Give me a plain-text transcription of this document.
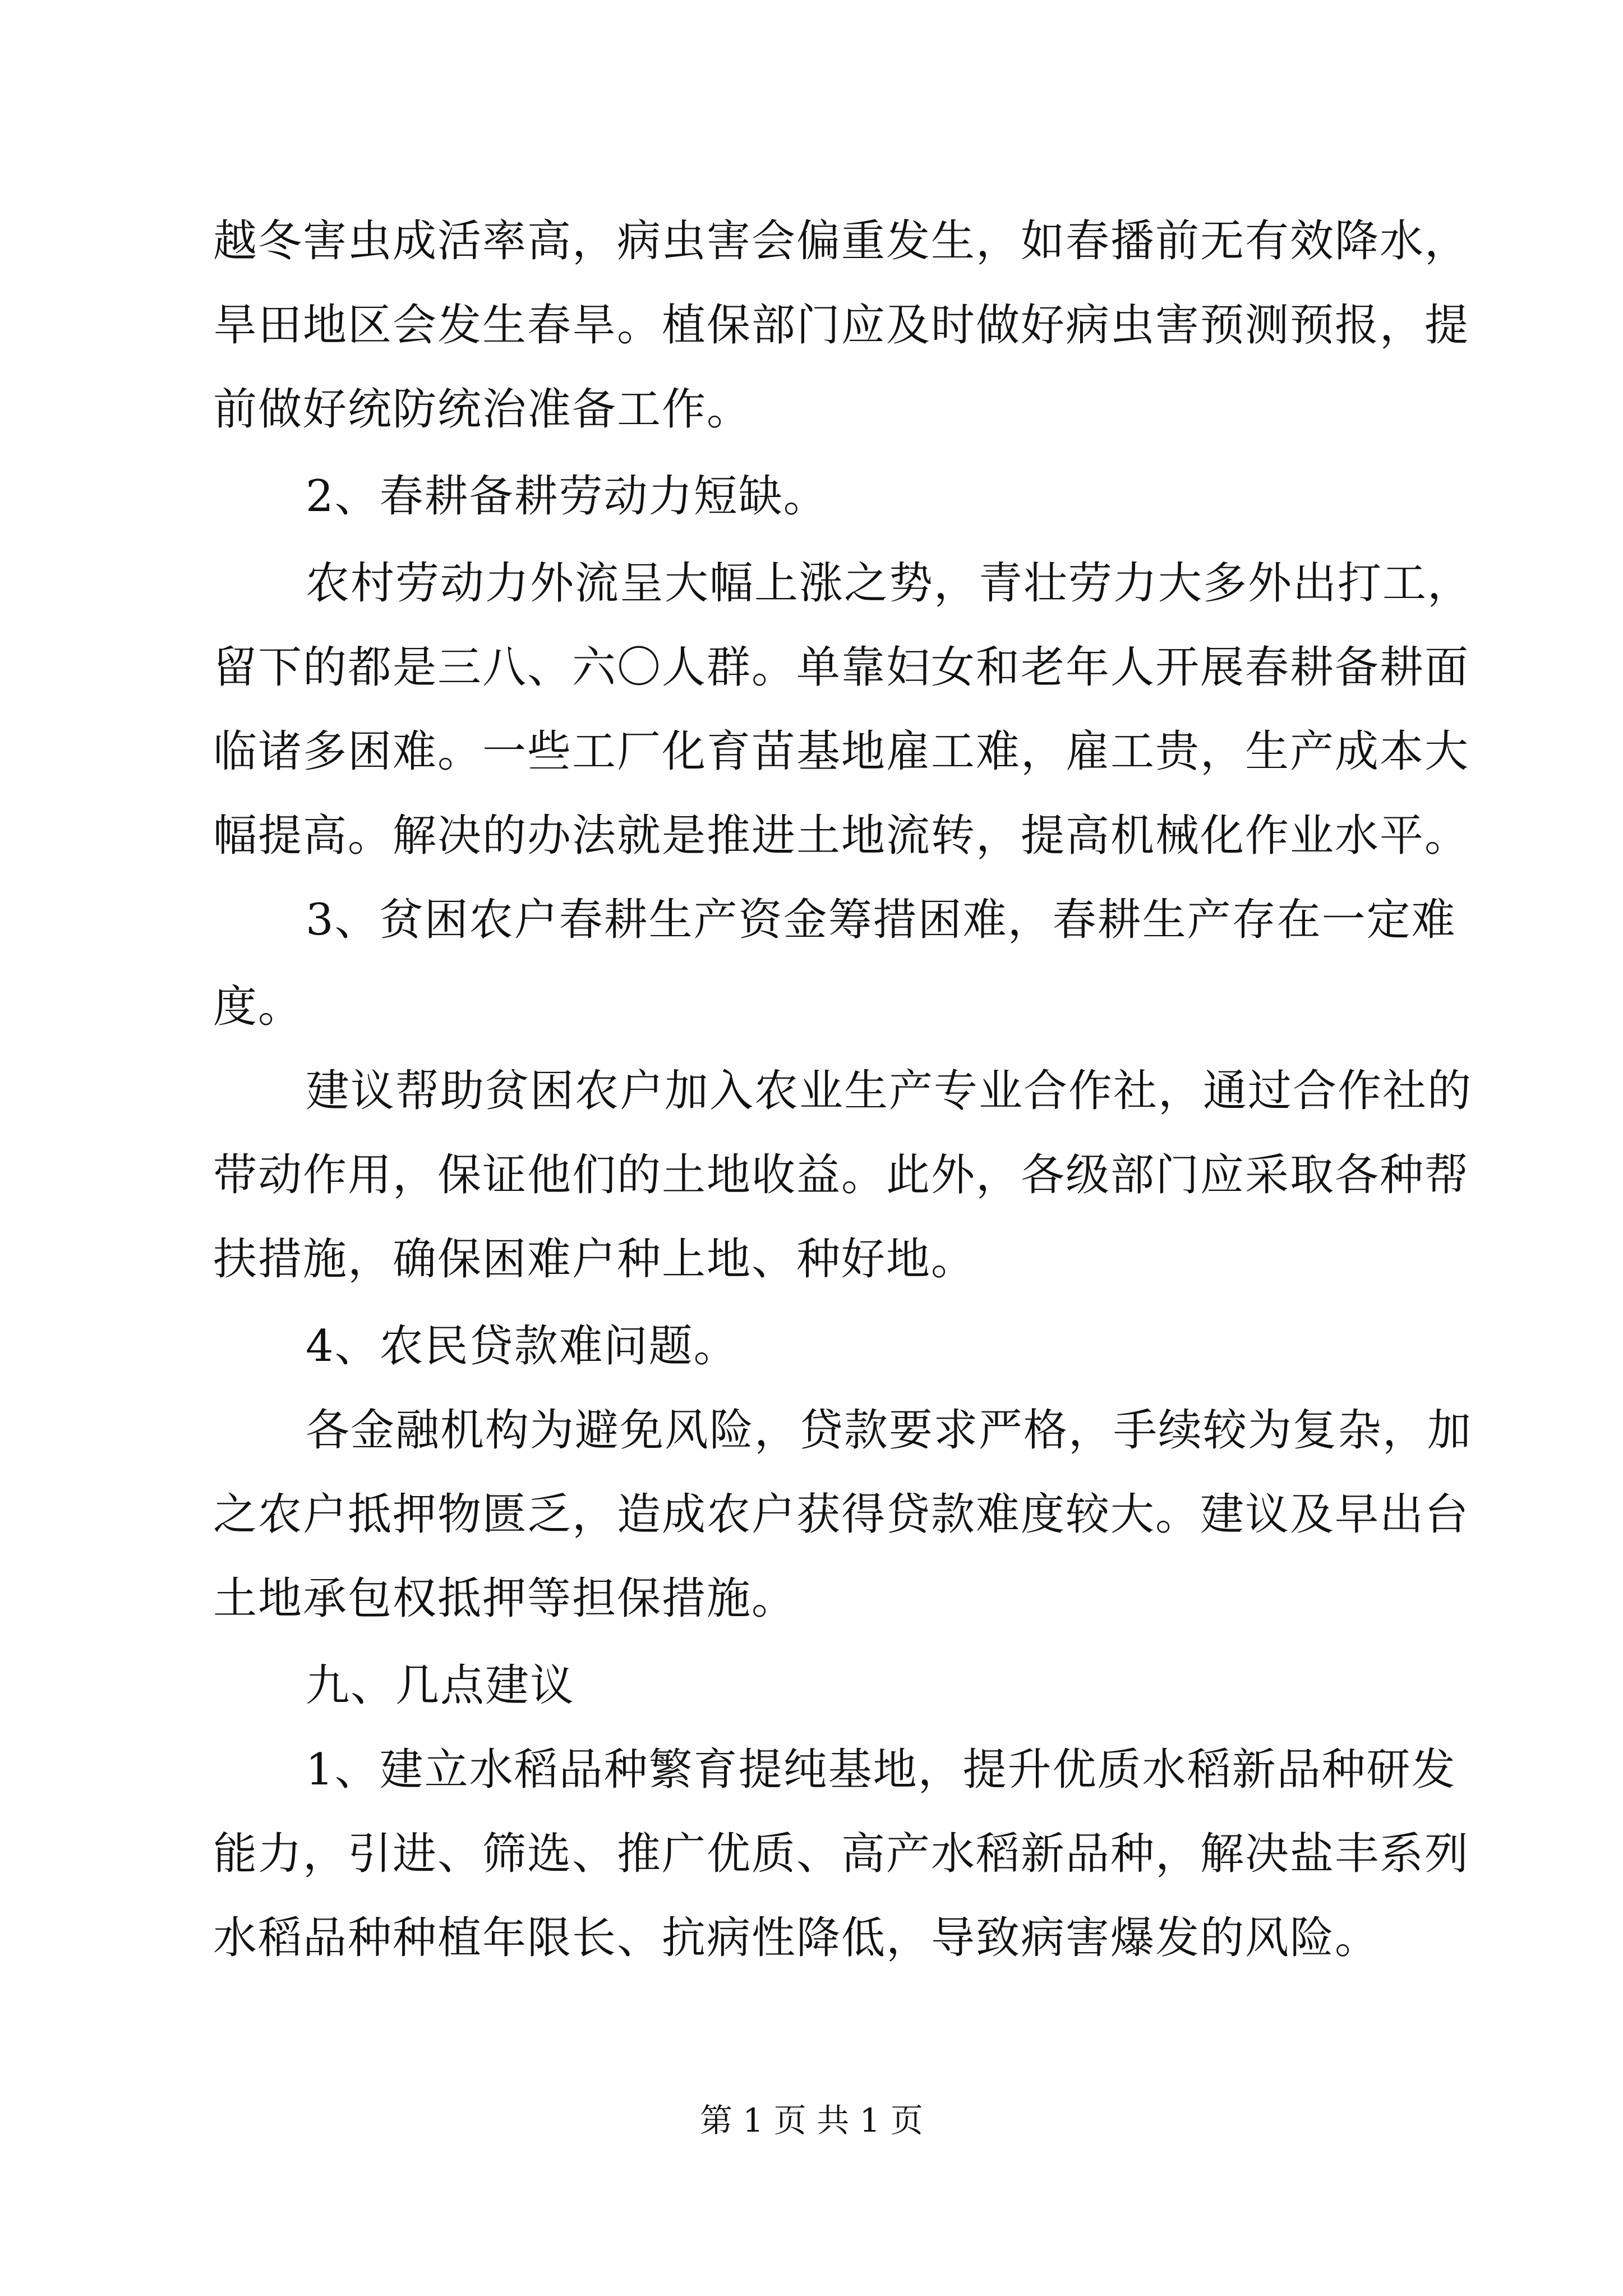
越冬害虫成活率高，病虫害会偏重发生，如春播前无有效降水，
旱田地区会发生春旱。植保部门应及时做好病虫害预测预报，提
前做好统防统治准备工作。
2、春耕备耕劳动力短缺。
农村劳动力外流呈大幅上涨之势，青壮劳力大多外出打工，
留下的都是三八、六〇人群。单靠妇女和老年人开展春耕备耕面
临诸多困难。一些工厂化育苗基地雇工难，雇工贵，生产成本大
幅提高。解决的办法就是推进土地流转，提高机械化作业水平。
3、贫困农户春耕生产资金筹措困难，春耕生产存在一定难
度。
建议帮助贫困农户加入农业生产专业合作社，通过合作社的
带动作用，保证他们的土地收益。此外，各级部门应采取各种帮
扶措施，确保困难户种上地、种好地。
4、农民贷款难问题。
各金融机构为避免风险，贷款要求严格，手续较为复杂，加
之农户抵押物匮乏，造成农户获得贷款难度较大。建议及早出台
土地承包权抵押等担保措施。
九、几点建议
1、建立水稻品种繁育提纯基地，提升优质水稻新品种研发
能力，引进、筛选、推广优质、高产水稻新品种，解决盐丰系列
水稻品种种植年限长、抗病性降低，导致病害爆发的风险。
第 1 页 共 1 页
